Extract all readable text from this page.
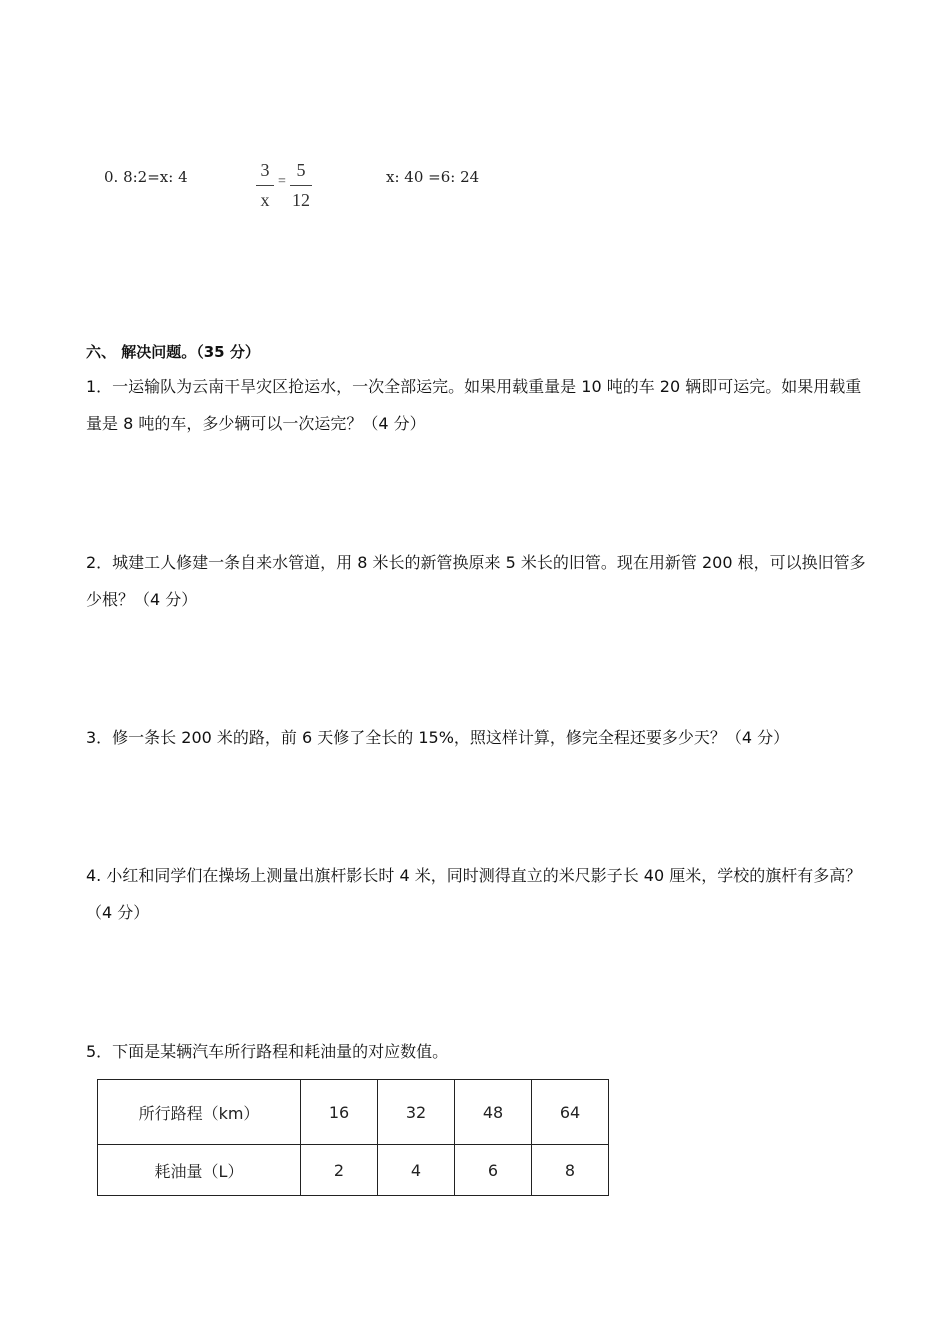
0. 8:2=x: 4	3
x
=
5
12
x: 40 =6: 24
六、 解决问题。（35 分）
1．一运输队为云南干旱灾区抢运水，一次全部运完。如果用载重量是 10 吨的车 20 辆即可运完。如果用载重量是 8 吨的车，多少辆可以一次运完？（4 分）
2．城建工人修建一条自来水管道，用 8 米长的新管换原来 5 米长的旧管。现在用新管 200 根，可以换旧管多少根？（4 分）
3．修一条长 200 米的路，前 6 天修了全长的 15%，照这样计算，修完全程还要多少天？（4 分）
4. 小红和同学们在操场上测量出旗杆影长时 4 米，同时测得直立的米尺影子长 40 厘米，学校的旗杆有多高？（4 分）
5．下面是某辆汽车所行路程和耗油量的对应数值。
所行路程（km）	16	32	48	64
耗油量（L）	2	4	6	8
